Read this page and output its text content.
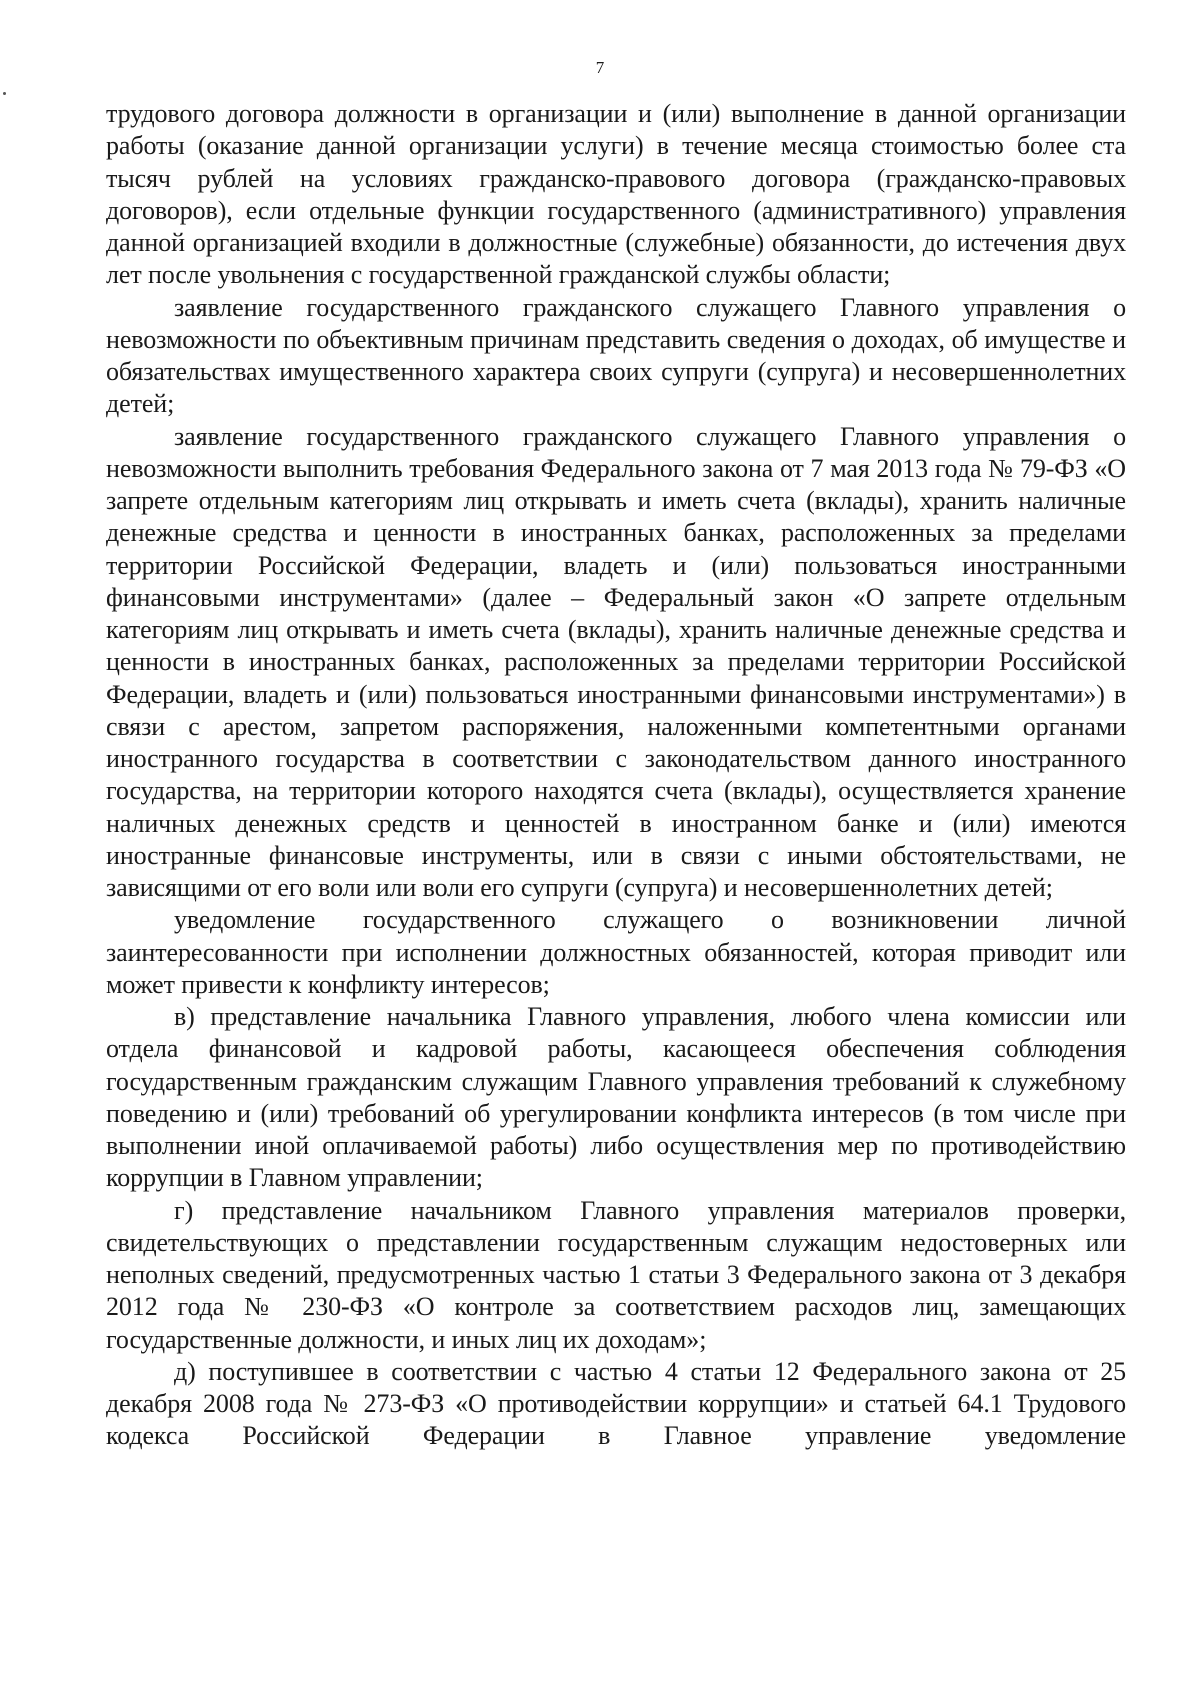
7

трудового договора должности в организации и (или) выполнение в данной организации работы (оказание данной организации услуги) в течение месяца стоимостью более ста тысяч рублей на условиях гражданско-правового договора (гражданско-правовых договоров), если отдельные функции государственного (административного) управления данной организацией входили в должностные (служебные) обязанности, до истечения двух лет после увольнения с государственной гражданской службы области;

заявление государственного гражданского служащего Главного управления о невозможности по объективным причинам представить сведения о доходах, об имуществе и обязательствах имущественного характера своих супруги (супруга) и несовершеннолетних детей;

заявление государственного гражданского служащего Главного управления о невозможности выполнить требования Федерального закона от 7 мая 2013 года № 79-ФЗ «О запрете отдельным категориям лиц открывать и иметь счета (вклады), хранить наличные денежные средства и ценности в иностранных банках, расположенных за пределами территории Российской Федерации, владеть и (или) пользоваться иностранными финансовыми инструментами» (далее – Федеральный закон «О запрете отдельным категориям лиц открывать и иметь счета (вклады), хранить наличные денежные средства и ценности в иностранных банках, расположенных за пределами территории Российской Федерации, владеть и (или) пользоваться иностранными финансовыми инструментами») в связи с арестом, запретом распоряжения, наложенными компетентными органами иностранного государства в соответствии с законодательством данного иностранного государства, на территории которого находятся счета (вклады), осуществляется хранение наличных денежных средств и ценностей в иностранном банке и (или) имеются иностранные финансовые инструменты, или в связи с иными обстоятельствами, не зависящими от его воли или воли его супруги (супруга) и несовершеннолетних детей;

уведомление государственного служащего о возникновении личной заинтересованности при исполнении должностных обязанностей, которая приводит или может привести к конфликту интересов;

в) представление начальника Главного управления, любого члена комиссии или отдела финансовой и кадровой работы, касающееся обеспечения соблюдения государственным гражданским служащим Главного управления требований к служебному поведению и (или) требований об урегулировании конфликта интересов (в том числе при выполнении иной оплачиваемой работы) либо осуществления мер по противодействию коррупции в Главном управлении;

г) представление начальником Главного управления материалов проверки, свидетельствующих о представлении государственным служащим недостоверных или неполных сведений, предусмотренных частью 1 статьи 3 Федерального закона от 3 декабря 2012 года № 230-ФЗ «О контроле за соответствием расходов лиц, замещающих государственные должности, и иных лиц их доходам»;

д) поступившее в соответствии с частью 4 статьи 12 Федерального закона от 25 декабря 2008 года № 273-ФЗ «О противодействии коррупции» и статьей 64.1 Трудового кодекса Российской Федерации в Главное управление уведомление
